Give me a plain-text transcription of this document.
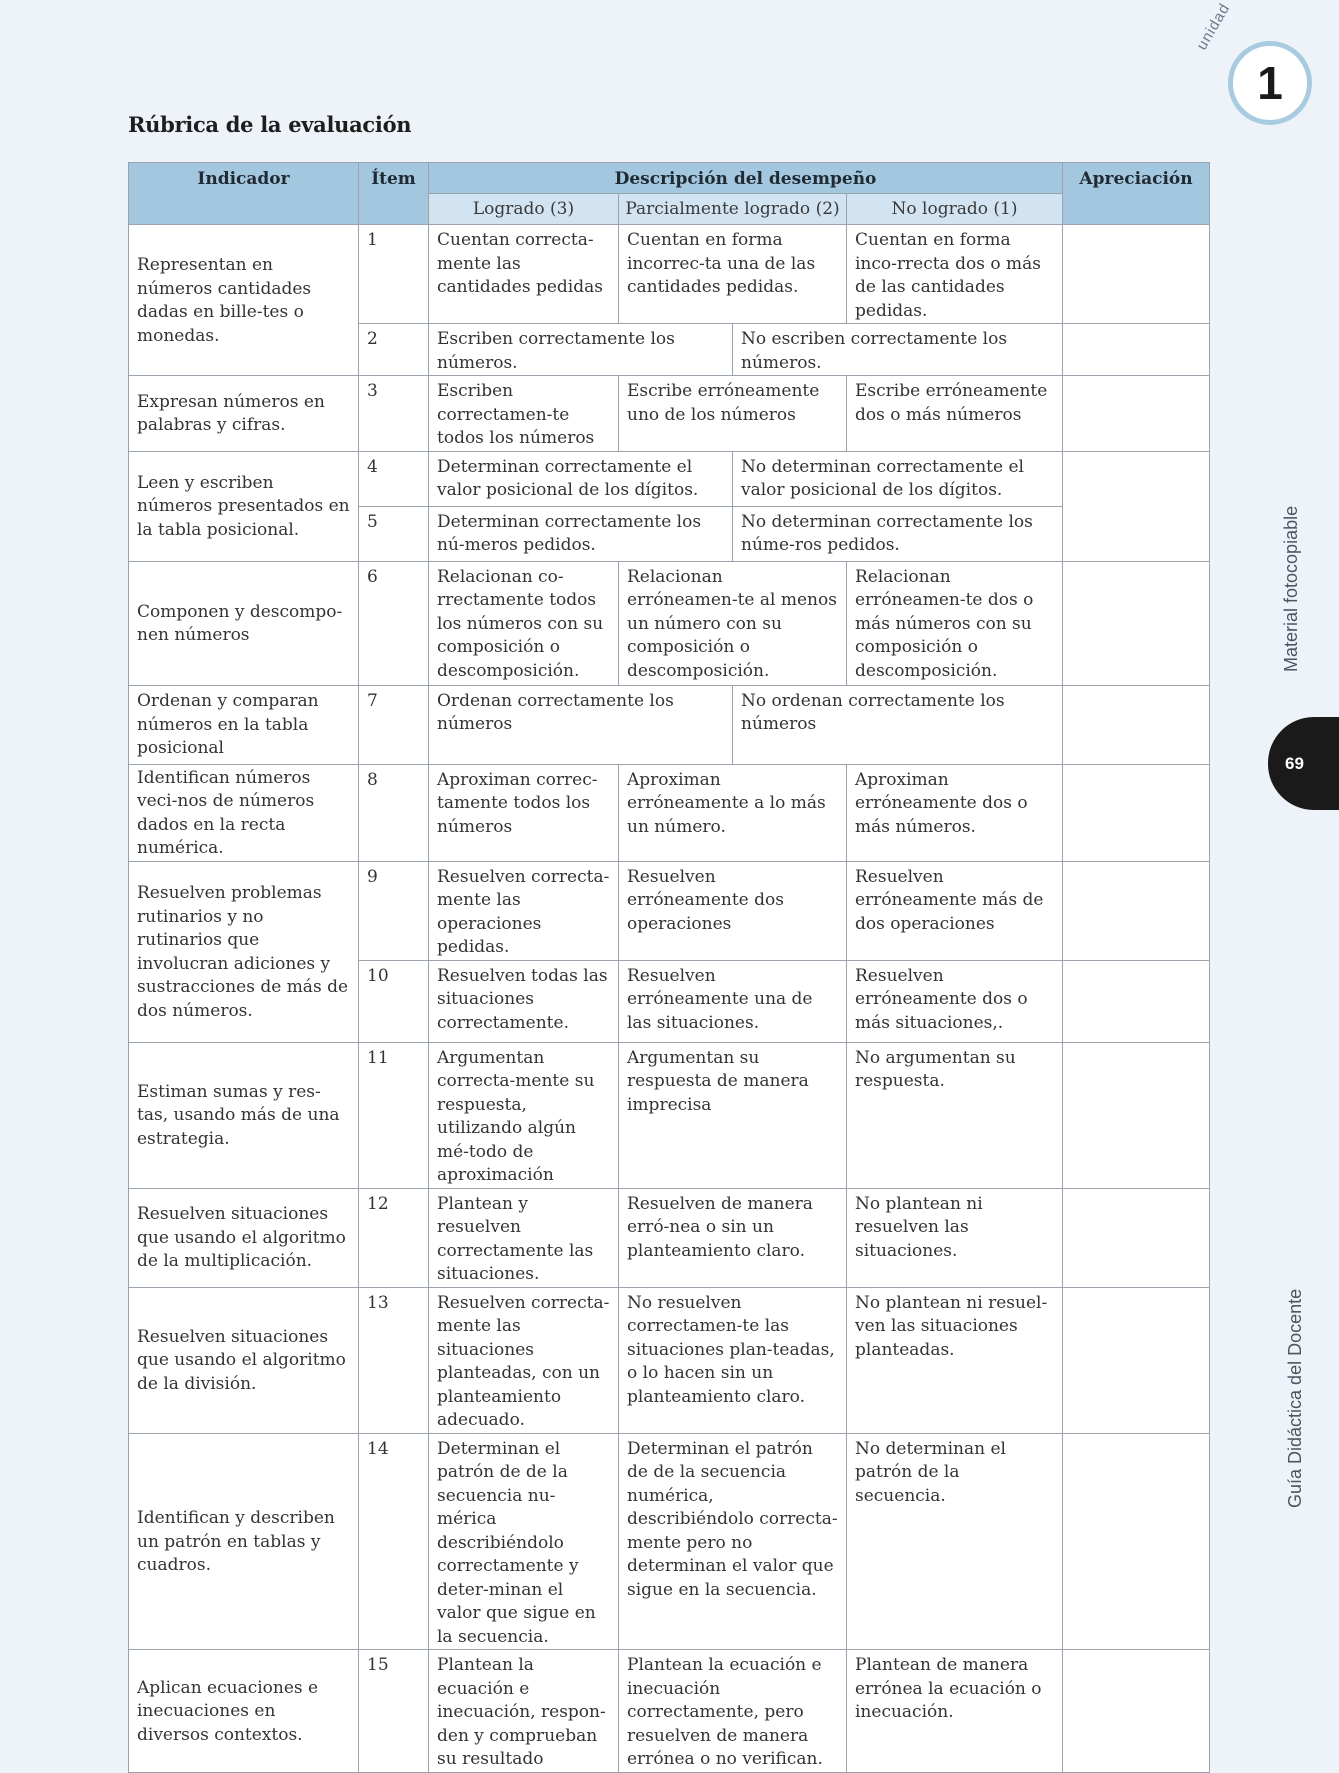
Rúbrica de la evaluación
unidad
1
Material fotocopiable
69
Guía Didáctica del Docente
Indicador	Ítem	Descripción del desempeño				Apreciación
		Logrado (3)	Parcialmente logrado (2)		No logrado (1)	
Representan en números cantidades dadas en bille-tes o monedas.	1	Cuentan correcta-mente las cantidades pedidas	Cuentan en forma incorrec-ta una de las cantidades pedidas.		Cuentan en forma inco-rrecta dos o más de las cantidades pedidas.	
	2	Escriben correctamente los números.		No escriben correctamente los números.		
Expresan números en palabras y cifras.	3	Escriben correctamen-te todos los números	Escribe erróneamente uno de los números		Escribe erróneamente dos o más números	
Leen y escriben números presentados en la tabla posicional.	4	Determinan correctamente el valor posicional de los dígitos.		No determinan correctamente el valor posicional de los dígitos.		
	5	Determinan correctamente los nú-meros pedidos.		No determinan correctamente los núme-ros pedidos.		
Componen y descompo-nen números	6	Relacionan co-rrectamente todos los números con su composición o descomposición.	Relacionan erróneamen-te al menos un número con su composición o descomposición.		Relacionan erróneamen-te dos o más números con su composición o descomposición.	
Ordenan y comparan números en la tabla posicional	7	Ordenan correctamente los números		No ordenan correctamente los números		
Identifican números veci-nos de números dados en la recta numérica.	8	Aproximan correc-tamente todos los números	Aproximan erróneamente a lo más un número.		Aproximan erróneamente dos o más números.	
Resuelven problemas rutinarios y no rutinarios que involucran adiciones y sustracciones de más de dos números.	9	Resuelven correcta-mente las operaciones pedidas.	Resuelven erróneamente dos operaciones		Resuelven erróneamente más de dos operaciones	
	10	Resuelven todas las situaciones correctamente.	Resuelven erróneamente una de las situaciones.		Resuelven erróneamente dos o más situaciones,.	
Estiman sumas y res-tas, usando más de una estrategia.	11	Argumentan correcta-mente su respuesta, utilizando algún mé-todo de aproximación	Argumentan su respuesta de manera imprecisa		No argumentan su respuesta.	
Resuelven situaciones que usando el algoritmo de la multiplicación.	12	Plantean y resuelven correctamente las situaciones.	Resuelven de manera erró-nea o sin un planteamiento claro.		No plantean ni resuelven las situaciones.	
Resuelven situaciones que usando el algoritmo de la división.	13	Resuelven correcta-mente las situaciones planteadas, con un planteamiento adecuado.	No resuelven correctamen-te las situaciones plan-teadas, o lo hacen sin un planteamiento claro.		No plantean ni resuel-ven las situaciones planteadas.	
Identifican y describen un patrón en tablas y cuadros.	14	Determinan el patrón de de la secuencia nu-mérica describiéndolo correctamente y deter-minan el valor que sigue en la secuencia.	Determinan el patrón de de la secuencia numérica, describiéndolo correcta-mente pero no determinan el valor que sigue en la secuencia.		No determinan el patrón de la secuencia.	
Aplican ecuaciones e inecuaciones en diversos contextos.	15	Plantean la ecuación e inecuación, respon-den y comprueban su resultado	Plantean la ecuación e inecuación correctamente, pero resuelven de manera errónea o no verifican.		Plantean de manera errónea la ecuación o inecuación.	
